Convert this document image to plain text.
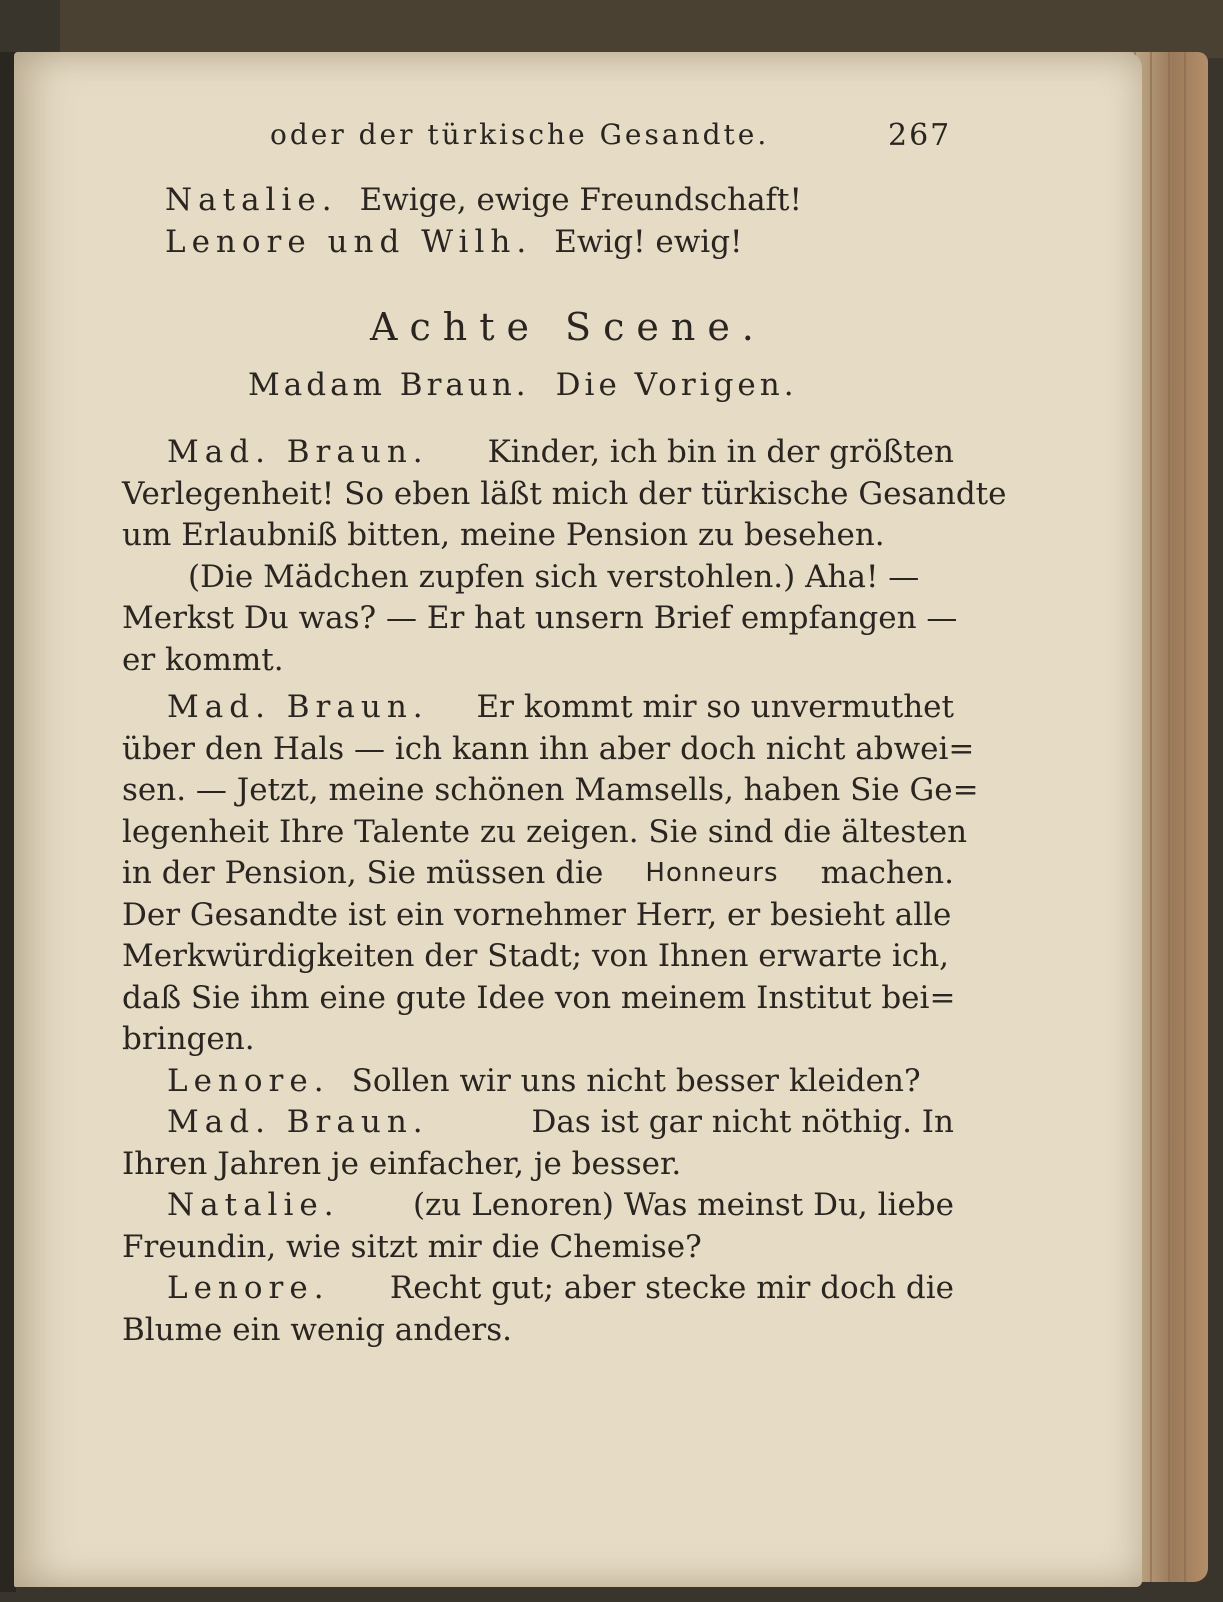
oder der türkische Gesandte.	267
Natalie. Ewige, ewige Freundschaft!
Lenore und Wilh. Ewig! ewig!
Achte Scene.
Madam Braun. Die Vorigen.
Mad. Braun. Kinder, ich bin in der größten
Verlegenheit! So eben läßt mich der türkische Gesandte
um Erlaubniß bitten, meine Pension zu besehen.
(Die Mädchen zupfen sich verstohlen.) Aha! —
Merkst Du was? — Er hat unsern Brief empfangen —
er kommt.
Mad. Braun. Er kommt mir so unvermuthet
über den Hals — ich kann ihn aber doch nicht abwei=
sen. — Jetzt, meine schönen Mamsells, haben Sie Ge=
legenheit Ihre Talente zu zeigen. Sie sind die ältesten
in der Pension, Sie müssen die Honneurs machen.
Der Gesandte ist ein vornehmer Herr, er besieht alle
Merkwürdigkeiten der Stadt; von Ihnen erwarte ich,
daß Sie ihm eine gute Idee von meinem Institut bei=
bringen.
Lenore. Sollen wir uns nicht besser kleiden?
Mad. Braun.	Das ist gar nicht nöthig. In
Ihren Jahren je einfacher, je besser.
Natalie. (zu Lenoren) Was meinst Du, liebe
Freundin, wie sitzt mir die Chemise?
Lenore. Recht gut; aber stecke mir doch die
Blume ein wenig anders.
